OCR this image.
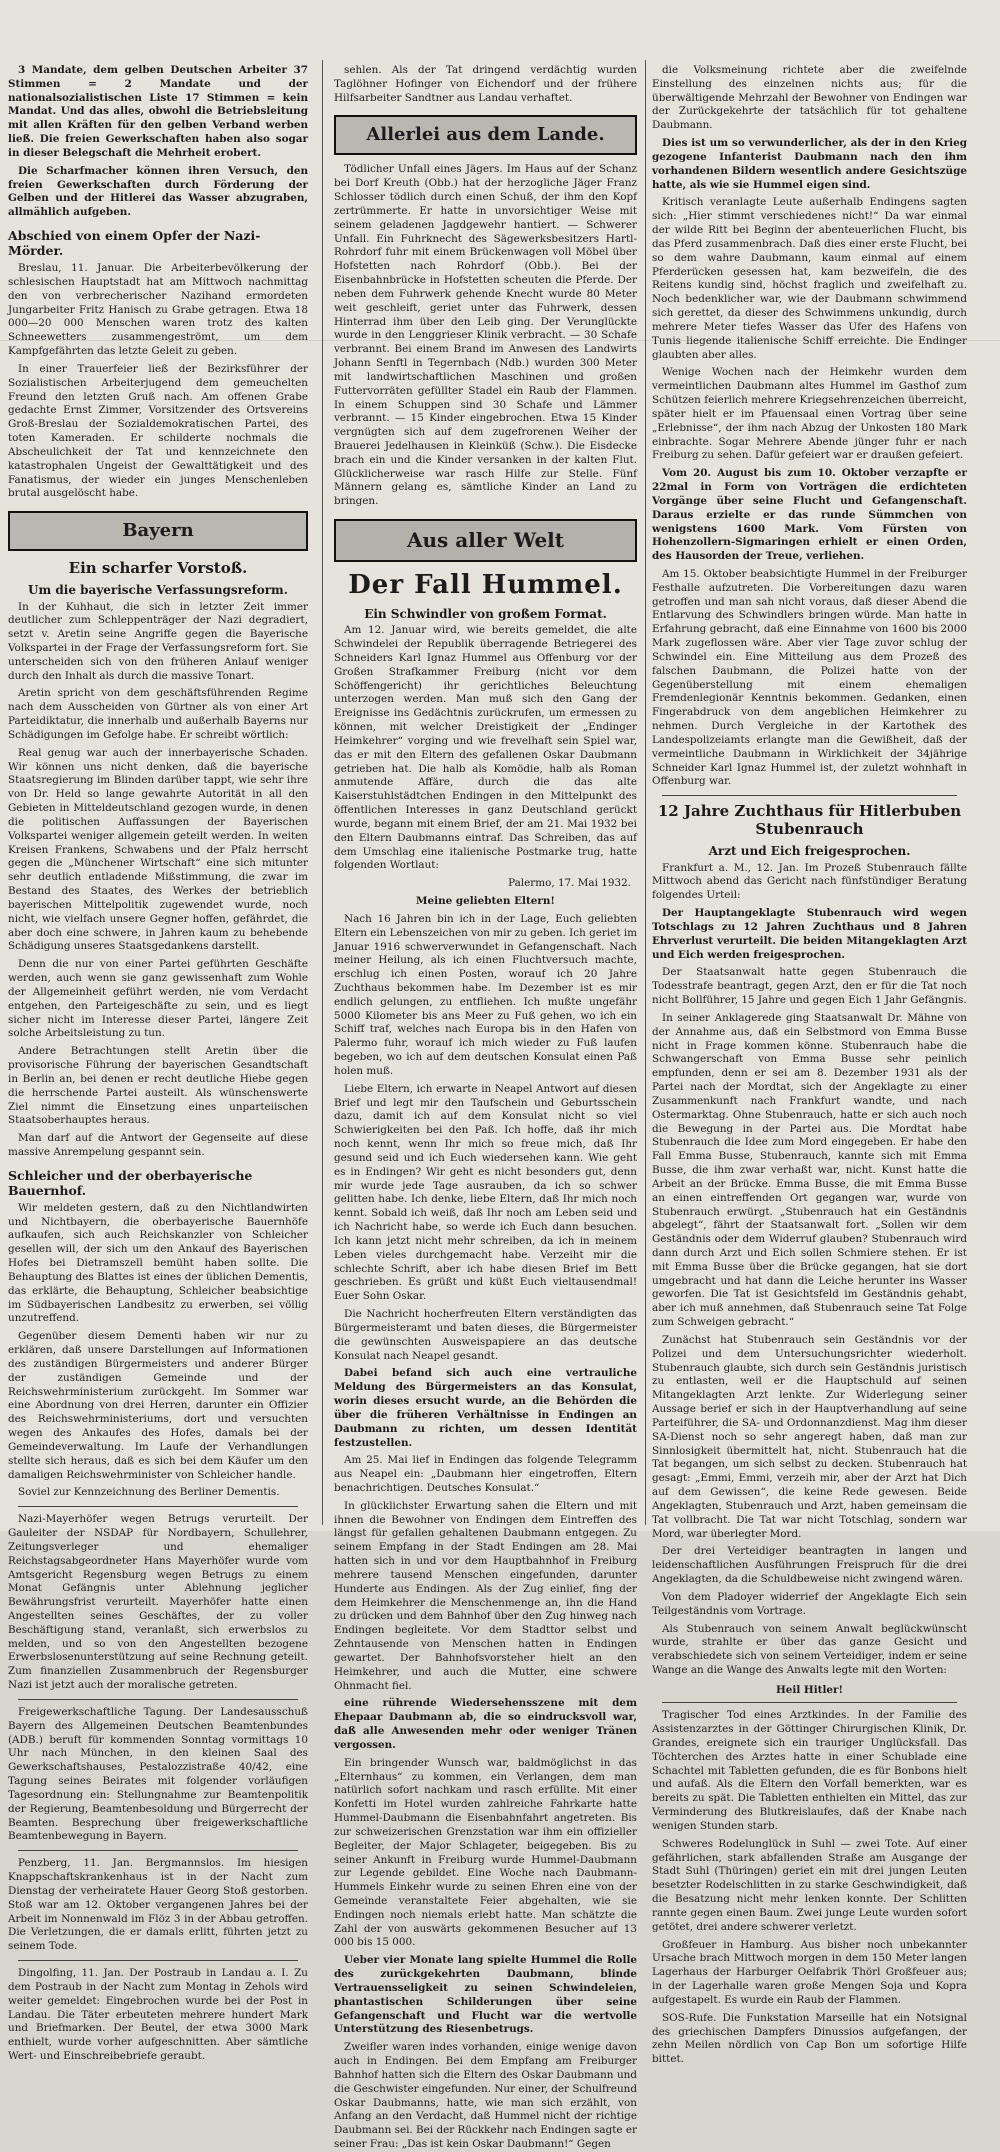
3 Mandate, dem gelben Deutschen Arbeiter 37 Stimmen = 2 Mandate und der nationalsozialistischen Liste 17 Stimmen = kein Mandat. Und das alles, obwohl die Betriebsleitung mit allen Kräften für den gelben Verband werben ließ. Die freien Gewerkschaften haben also sogar in dieser Belegschaft die Mehrheit erobert.

Die Scharfmacher können ihren Versuch, den freien Gewerkschaften durch Förderung der Gelben und der Hitlerei das Wasser abzugraben, allmählich aufgeben.

Abschied von einem Opfer der Nazi-Mörder.

Breslau, 11. Januar. Die Arbeiterbevölkerung der schlesischen Hauptstadt hat am Mittwoch nachmittag den von verbrecherischer Nazihand ermordeten Jungarbeiter Fritz Hanisch zu Grabe getragen. Etwa 18 000—20 000 Menschen waren trotz des kalten Schneewetters zusammengeströmt, um dem Kampfgefährten das letzte Geleit zu geben.

In einer Trauerfeier ließ der Bezirksführer der Sozialistischen Arbeiterjugend dem gemeuchelten Freund den letzten Gruß nach. Am offenen Grabe gedachte Ernst Zimmer, Vorsitzender des Ortsvereins Groß-Breslau der Sozialdemokratischen Partei, des toten Kameraden. Er schilderte nochmals die Abscheulichkeit der Tat und kennzeichnete den katastrophalen Ungeist der Gewalttätigkeit und des Fanatismus, der wieder ein junges Menschenleben brutal ausgelöscht habe.

Bayern
Ein scharfer Vorstoß.
Um die bayerische Verfassungsreform.

In der Kuhhaut, die sich in letzter Zeit immer deutlicher zum Schleppenträger der Nazi degradiert, setzt v. Aretin seine Angriffe gegen die Bayerische Volkspartei in der Frage der Verfassungsreform fort. Sie unterscheiden sich von den früheren Anlauf weniger durch den Inhalt als durch die massive Tonart.

Aretin spricht von dem geschäftsführenden Regime nach dem Ausscheiden von Gürtner als von einer Art Parteidiktatur, die innerhalb und außerhalb Bayerns nur Schädigungen im Gefolge habe. Er schreibt wörtlich:

Real genug war auch der innerbayerische Schaden. Wir können uns nicht denken, daß die bayerische Staatsregierung im Blinden darüber tappt, wie sehr ihre von Dr. Held so lange gewahrte Autorität in all den Gebieten in Mitteldeutschland gezogen wurde, in denen die politischen Auffassungen der Bayerischen Volkspartei weniger allgemein geteilt werden. In weiten Kreisen Frankens, Schwabens und der Pfalz herrscht gegen die „Münchener Wirtschaft“ eine sich mitunter sehr deutlich entladende Mißstimmung, die zwar im Bestand des Staates, des Werkes der betrieblich bayerischen Mittelpolitik zugewendet wurde, noch nicht, wie vielfach unsere Gegner hoffen, gefährdet, die aber doch eine schwere, in Jahren kaum zu behebende Schädigung unseres Staatsgedankens darstellt.

Denn die nur von einer Partei geführten Geschäfte werden, auch wenn sie ganz gewissenhaft zum Wohle der Allgemeinheit geführt werden, nie vom Verdacht entgehen, den Parteigeschäfte zu sein, und es liegt sicher nicht im Interesse dieser Partei, längere Zeit solche Arbeitsleistung zu tun.

Andere Betrachtungen stellt Aretin über die provisorische Führung der bayerischen Gesandtschaft in Berlin an, bei denen er recht deutliche Hiebe gegen die herrschende Partei austeilt. Als wünschenswerte Ziel nimmt die Einsetzung eines unparteiischen Staatsoberhauptes heraus.

Man darf auf die Antwort der Gegenseite auf diese massive Anrempelung gespannt sein.

Schleicher und der oberbayerische Bauernhof.

Wir meldeten gestern, daß zu den Nichtlandwirten und Nichtbayern, die oberbayerische Bauernhöfe aufkaufen, sich auch Reichskanzler von Schleicher gesellen will, der sich um den Ankauf des Bayerischen Hofes bei Dietramszell bemüht haben sollte. Die Behauptung des Blattes ist eines der üblichen Dementis, das erklärte, die Behauptung, Schleicher beabsichtige im Südbayerischen Landbesitz zu erwerben, sei völlig unzutreffend.

Gegenüber diesem Dementi haben wir nur zu erklären, daß unsere Darstellungen auf Informationen des zuständigen Bürgermeisters und anderer Bürger der zuständigen Gemeinde und der Reichswehrministerium zurückgeht. Im Sommer war eine Abordnung von drei Herren, darunter ein Offizier des Reichswehrministeriums, dort und versuchten wegen des Ankaufes des Hofes, damals bei der Gemeindeverwaltung. Im Laufe der Verhandlungen stellte sich heraus, daß es sich bei dem Käufer um den damaligen Reichswehrminister von Schleicher handle.

Soviel zur Kennzeichnung des Berliner Dementis.

Nazi-Mayerhöfer wegen Betrugs verurteilt. Der Gauleiter der NSDAP für Nordbayern, Schullehrer, Zeitungsverleger und ehemaliger Reichstagsabgeordneter Hans Mayerhöfer wurde vom Amtsgericht Regensburg wegen Betrugs zu einem Monat Gefängnis unter Ablehnung jeglicher Bewährungsfrist verurteilt. Mayerhöfer hatte einen Angestellten seines Geschäftes, der zu voller Beschäftigung stand, veranlaßt, sich erwerbslos zu melden, und so von den Angestellten bezogene Erwerbslosenunterstützung auf seine Rechnung geteilt. Zum finanziellen Zusammenbruch der Regensburger Nazi ist jetzt auch der moralische getreten.

Freigewerkschaftliche Tagung. Der Landesausschuß Bayern des Allgemeinen Deutschen Beamtenbundes (ADB.) beruft für kommenden Sonntag vormittags 10 Uhr nach München, in den kleinen Saal des Gewerkschaftshauses, Pestalozzistraße 40/42, eine Tagung seines Beirates mit folgender vorläufigen Tagesordnung ein: Stellungnahme zur Beamtenpolitik der Regierung, Beamtenbesoldung und Bürgerrecht der Beamten. Besprechung über freigewerkschaftliche Beamtenbewegung in Bayern.

Penzberg, 11. Jan. Bergmannslos. Im hiesigen Knappschaftskrankenhaus ist in der Nacht zum Dienstag der verheiratete Hauer Georg Stoß gestorben. Stoß war am 12. Oktober vergangenen Jahres bei der Arbeit im Nonnenwald im Flöz 3 in der Abbau getroffen. Die Verletzungen, die er damals erlitt, führten jetzt zu seinem Tode.

Dingolfing, 11. Jan. Der Postraub in Landau a. I. Zu dem Postraub in der Nacht zum Montag in Zehols wird weiter gemeldet: Eingebrochen wurde bei der Post in Landau. Die Täter erbeuteten mehrere hundert Mark und Briefmarken. Der Beutel, der etwa 3000 Mark enthielt, wurde vorher aufgeschnitten. Aber sämtliche Wert- und Einschreibebriefe geraubt.

sehlen. Als der Tat dringend verdächtig wurden Taglöhner Hofinger von Eichendorf und der frühere Hilfsarbeiter Sandtner aus Landau verhaftet.

Allerlei aus dem Lande.

Tödlicher Unfall eines Jägers. Im Haus auf der Schanz bei Dorf Kreuth (Obb.) hat der herzogliche Jäger Franz Schlosser tödlich durch einen Schuß, der ihm den Kopf zertrümmerte. Er hatte in unvorsichtiger Weise mit seinem geladenen Jagdgewehr hantiert. — Schwerer Unfall. Ein Fuhrknecht des Sägewerksbesitzers Hartl-Rohrdorf fuhr mit einem Brückenwagen voll Möbel über Hofstetten nach Rohrdorf (Obb.). Bei der Eisenbahnbrücke in Hofstetten scheuten die Pferde. Der neben dem Fuhrwerk gehende Knecht wurde 80 Meter weit geschleift, geriet unter das Fuhrwerk, dessen Hinterrad ihm über den Leib ging. Der Verunglückte wurde in den Lenggrieser Klinik verbracht. — 30 Schafe verbrannt. Bei einem Brand im Anwesen des Landwirts Johann Senftl in Tegernbach (Ndb.) wurden 300 Meter mit landwirtschaftlichen Maschinen und großen Futtervorräten gefüllter Stadel ein Raub der Flammen. In einem Schuppen sind 30 Schafe und Lämmer verbrannt. — 15 Kinder eingebrochen. Etwa 15 Kinder vergnügten sich auf dem zugefrorenen Weiher der Brauerei Jedelhausen in Kleinküß (Schw.). Die Eisdecke brach ein und die Kinder versanken in der kalten Flut. Glücklicherweise war rasch Hilfe zur Stelle. Fünf Männern gelang es, sämtliche Kinder an Land zu bringen.

Aus aller Welt
Der Fall Hummel.
Ein Schwindler von großem Format.

Am 12. Januar wird, wie bereits gemeldet, die alte Schwindelei der Republik überragende Betriegerei des Schneiders Karl Ignaz Hummel aus Offenburg vor der Großen Strafkammer Freiburg (nicht vor dem Schöffengericht) ihr gerichtliches Beleuchtung unterzogen werden. Man muß sich den Gang der Ereignisse ins Gedächtnis zurückrufen, um ermessen zu können, mit welcher Dreistigkeit der „Endinger Heimkehrer“ vorging und wie frevelhaft sein Spiel war, das er mit den Eltern des gefallenen Oskar Daubmann getrieben hat. Die halb als Komödie, halb als Roman anmutende Affäre, durch die das alte Kaiserstuhlstädtchen Endingen in den Mittelpunkt des öffentlichen Interesses in ganz Deutschland gerückt wurde, begann mit einem Brief, der am 21. Mai 1932 bei den Eltern Daubmanns eintraf. Das Schreiben, das auf dem Umschlag eine italienische Postmarke trug, hatte folgenden Wortlaut:

Palermo, 17. Mai 1932.
Meine geliebten Eltern!

Nach 16 Jahren bin ich in der Lage, Euch geliebten Eltern ein Lebenszeichen von mir zu geben. Ich geriet im Januar 1916 schwerverwundet in Gefangenschaft. Nach meiner Heilung, als ich einen Fluchtversuch machte, erschlug ich einen Posten, worauf ich 20 Jahre Zuchthaus bekommen habe. Im Dezember ist es mir endlich gelungen, zu entfliehen. Ich mußte ungefähr 5000 Kilometer bis ans Meer zu Fuß gehen, wo ich ein Schiff traf, welches nach Europa bis in den Hafen von Palermo fuhr, worauf ich mich wieder zu Fuß laufen begeben, wo ich auf dem deutschen Konsulat einen Paß holen muß.

Liebe Eltern, ich erwarte in Neapel Antwort auf diesen Brief und legt mir den Taufschein und Geburtsschein dazu, damit ich auf dem Konsulat nicht so viel Schwierigkeiten bei den Paß. Ich hoffe, daß ihr mich noch kennt, wenn Ihr mich so freue mich, daß Ihr gesund seid und ich Euch wiedersehen kann. Wie geht es in Endingen? Wir geht es nicht besonders gut, denn mir wurde jede Tage ausrauben, da ich so schwer gelitten habe. Ich denke, liebe Eltern, daß Ihr mich noch kennt. Sobald ich weiß, daß Ihr noch am Leben seid und ich Nachricht habe, so werde ich Euch dann besuchen. Ich kann jetzt nicht mehr schreiben, da ich in meinem Leben vieles durchgemacht habe. Verzeiht mir die schlechte Schrift, aber ich habe diesen Brief im Bett geschrieben. Es grüßt und küßt Euch vieltausendmal! Euer Sohn Oskar.

Die Nachricht hocherfreuten Eltern verständigten das Bürgermeisteramt und baten dieses, die Bürgermeister die gewünschten Ausweispapiere an das deutsche Konsulat nach Neapel gesandt.

Dabei befand sich auch eine vertrauliche Meldung des Bürgermeisters an das Konsulat, worin dieses ersucht wurde, an die Behörden die über die früheren Verhältnisse in Endingen an Daubmann zu richten, um dessen Identität festzustellen.

Am 25. Mai lief in Endingen das folgende Telegramm aus Neapel ein: „Daubmann hier eingetroffen, Eltern benachrichtigen. Deutsches Konsulat.“

In glücklichster Erwartung sahen die Eltern und mit ihnen die Bewohner von Endingen dem Eintreffen des längst für gefallen gehaltenen Daubmann entgegen. Zu seinem Empfang in der Stadt Endingen am 28. Mai hatten sich in und vor dem Hauptbahnhof in Freiburg mehrere tausend Menschen eingefunden, darunter Hunderte aus Endingen. Als der Zug einlief, fing der dem Heimkehrer die Menschenmenge an, ihn die Hand zu drücken und dem Bahnhof über den Zug hinweg nach Endingen begleitete. Vor dem Stadttor selbst und Zehntausende von Menschen hatten in Endingen gewartet. Der Bahnhofsvorsteher hielt an den Heimkehrer, und auch die Mutter, eine schwere Ohnmacht fiel.

eine rührende Wiedersehensszene mit dem Ehepaar Daubmann ab, die so eindrucksvoll war, daß alle Anwesenden mehr oder weniger Tränen vergossen.

Ein bringender Wunsch war, baldmöglichst in das „Elternhaus“ zu kommen, ein Verlangen, dem man natürlich sofort nachkam und rasch erfüllte. Mit einer Konfetti im Hotel wurden zahlreiche Fahrkarte hatte Hummel-Daubmann die Eisenbahnfahrt angetreten. Bis zur schweizerischen Grenzstation war ihm ein offizieller Begleiter, der Major Schlageter, beigegeben. Bis zu seiner Ankunft in Freiburg wurde Hummel-Daubmann zur Legende gebildet. Eine Woche nach Daubmann-Hummels Einkehr wurde zu seinen Ehren eine von der Gemeinde veranstaltete Feier abgehalten, wie sie Endingen noch niemals erlebt hatte. Man schätzte die Zahl der von auswärts gekommenen Besucher auf 13 000 bis 15 000.

Ueber vier Monate lang spielte Hummel die Rolle des zurückgekehrten Daubmann, blinde Vertrauensseligkeit zu seinen Schwindeleien, phantastischen Schilderungen über seine Gefangenschaft und Flucht war die wertvolle Unterstützung des Riesenbetrugs.

Zweifler waren indes vorhanden, einige wenige davon auch in Endingen. Bei dem Empfang am Freiburger Bahnhof hatten sich die Eltern des Oskar Daubmann und die Geschwister eingefunden. Nur einer, der Schulfreund Oskar Daubmanns, hatte, wie man sich erzählt, von Anfang an den Verdacht, daß Hummel nicht der richtige Daubmann sei. Bei der Rückkehr nach Endingen sagte er seiner Frau: „Das ist kein Oskar Daubmann!“ Gegen

die Volksmeinung richtete aber die zweifelnde Einstellung des einzelnen nichts aus; für die überwältigende Mehrzahl der Bewohner von Endingen war der Zurückgekehrte der tatsächlich für tot gehaltene Daubmann.

Dies ist um so verwunderlicher, als der in den Krieg gezogene Infanterist Daubmann nach den ihm vorhandenen Bildern wesentlich andere Gesichtszüge hatte, als wie sie Hummel eigen sind.

Kritisch veranlagte Leute außerhalb Endingens sagten sich: „Hier stimmt verschiedenes nicht!“ Da war einmal der wilde Ritt bei Beginn der abenteuerlichen Flucht, bis das Pferd zusammenbrach. Daß dies einer erste Flucht, bei so dem wahre Daubmann, kaum einmal auf einem Pferderücken gesessen hat, kam bezweifeln, die des Reitens kundig sind, höchst fraglich und zweifelhaft zu. Noch bedenklicher war, wie der Daubmann schwimmend sich gerettet, da dieser des Schwimmens unkundig, durch mehrere Meter tiefes Wasser das Ufer des Hafens von Tunis liegende italienische Schiff erreichte. Die Endinger glaubten aber alles.

Wenige Wochen nach der Heimkehr wurden dem vermeintlichen Daubmann altes Hummel im Gasthof zum Schützen feierlich mehrere Kriegsehrenzeichen überreicht, später hielt er im Pfauensaal einen Vortrag über seine „Erlebnisse“, der ihm nach Abzug der Unkosten 180 Mark einbrachte. Sogar Mehrere Abende jünger fuhr er nach Freiburg zu sehen. Dafür gefeiert war er draußen gefeiert.

Vom 20. August bis zum 10. Oktober verzapfte er 22mal in Form von Vorträgen die erdichteten Vorgänge über seine Flucht und Gefangenschaft. Daraus erzielte er das runde Sümmchen von wenigstens 1600 Mark. Vom Fürsten von Hohenzollern-Sigmaringen erhielt er einen Orden, des Hausorden der Treue, verliehen.

Am 15. Oktober beabsichtigte Hummel in der Freiburger Festhalle aufzutreten. Die Vorbereitungen dazu waren getroffen und man sah nicht voraus, daß dieser Abend die Entlarvung des Schwindlers bringen würde. Man hatte in Erfahrung gebracht, daß eine Einnahme von 1600 bis 2000 Mark zugeflossen wäre. Aber vier Tage zuvor schlug der Schwindel ein. Eine Mitteilung aus dem Prozeß des falschen Daubmann, die Polizei hatte von der Gegenüberstellung mit einem ehemaligen Fremdenlegionär Kenntnis bekommen. Gedanken, einen Fingerabdruck von dem angeblichen Heimkehrer zu nehmen. Durch Vergleiche in der Kartothek des Landespolizeiamts erlangte man die Gewißheit, daß der vermeintliche Daubmann in Wirklichkeit der 34jährige Schneider Karl Ignaz Hummel ist, der zuletzt wohnhaft in Offenburg war.

12 Jahre Zuchthaus für Hitlerbuben Stubenrauch
Arzt und Eich freigesprochen.

Frankfurt a. M., 12. Jan. Im Prozeß Stubenrauch fällte Mittwoch abend das Gericht nach fünfstündiger Beratung folgendes Urteil:

Der Hauptangeklagte Stubenrauch wird wegen Totschlags zu 12 Jahren Zuchthaus und 8 Jahren Ehrverlust verurteilt. Die beiden Mitangeklagten Arzt und Eich werden freigesprochen.

Der Staatsanwalt hatte gegen Stubenrauch die Todesstrafe beantragt, gegen Arzt, den er für die Tat noch nicht Bollführer, 15 Jahre und gegen Eich 1 Jahr Gefängnis.

In seiner Anklagerede ging Staatsanwalt Dr. Mähne von der Annahme aus, daß ein Selbstmord von Emma Busse nicht in Frage kommen könne. Stubenrauch habe die Schwangerschaft von Emma Busse sehr peinlich empfunden, denn er sei am 8. Dezember 1931 als der Partei nach der Mordtat, sich der Angeklagte zu einer Zusammenkunft nach Frankfurt wandte, und nach Ostermarktag. Ohne Stubenrauch, hatte er sich auch noch die Bewegung in der Partei aus. Die Mordtat habe Stubenrauch die Idee zum Mord eingegeben. Er habe den Fall Emma Busse, Stubenrauch, kannte sich mit Emma Busse, die ihm zwar verhaßt war, nicht. Kunst hatte die Arbeit an der Brücke. Emma Busse, die mit Emma Busse an einen eintreffenden Ort gegangen war, wurde von Stubenrauch erwürgt. „Stubenrauch hat ein Geständnis abgelegt“, fährt der Staatsanwalt fort. „Sollen wir dem Geständnis oder dem Widerruf glauben? Stubenrauch wird dann durch Arzt und Eich sollen Schmiere stehen. Er ist mit Emma Busse über die Brücke gegangen, hat sie dort umgebracht und hat dann die Leiche herunter ins Wasser geworfen. Die Tat ist Gesichtsfeld im Geständnis gehabt, aber ich muß annehmen, daß Stubenrauch seine Tat Folge zum Schweigen gebracht.“

Zunächst hat Stubenrauch sein Geständnis vor der Polizei und dem Untersuchungsrichter wiederholt. Stubenrauch glaubte, sich durch sein Geständnis juristisch zu entlasten, weil er die Hauptschuld auf seinen Mitangeklagten Arzt lenkte. Zur Widerlegung seiner Aussage berief er sich in der Hauptverhandlung auf seine Parteiführer, die SA- und Ordonnanzdienst. Mag ihm dieser SA-Dienst noch so sehr angeregt haben, daß man zur Sinnlosigkeit übermittelt hat, nicht. Stubenrauch hat die Tat begangen, um sich selbst zu decken. Stubenrauch hat gesagt: „Emmi, Emmi, verzeih mir, aber der Arzt hat Dich auf dem Gewissen“, die keine Rede gewesen. Beide Angeklagten, Stubenrauch und Arzt, haben gemeinsam die Tat vollbracht. Die Tat war nicht Totschlag, sondern war Mord, war überlegter Mord.

Der drei Verteidiger beantragten in langen und leidenschaftlichen Ausführungen Freispruch für die drei Angeklagten, da die Schuldbeweise nicht zwingend wären.

Von dem Pladoyer widerrief der Angeklagte Eich sein Teilgeständnis vom Vortrage.

Als Stubenrauch von seinem Anwalt beglückwünscht wurde, strahlte er über das ganze Gesicht und verabschiedete sich von seinem Verteidiger, indem er seine Wange an die Wange des Anwalts legte mit den Worten:

Heil Hitler!

Tragischer Tod eines Arztkindes. In der Familie des Assistenzarztes in der Göttinger Chirurgischen Klinik, Dr. Grandes, ereignete sich ein trauriger Unglücksfall. Das Töchterchen des Arztes hatte in einer Schublade eine Schachtel mit Tabletten gefunden, die es für Bonbons hielt und aufaß. Als die Eltern den Vorfall bemerkten, war es bereits zu spät. Die Tabletten enthielten ein Mittel, das zur Verminderung des Blutkreislaufes, daß der Knabe nach wenigen Stunden starb.

Schweres Rodelunglück in Suhl — zwei Tote. Auf einer gefährlichen, stark abfallenden Straße am Ausgange der Stadt Suhl (Thüringen) geriet ein mit drei jungen Leuten besetzter Rodelschlitten in zu starke Geschwindigkeit, daß die Besatzung nicht mehr lenken konnte. Der Schlitten rannte gegen einen Baum. Zwei junge Leute wurden sofort getötet, drei andere schwerer verletzt.

Großfeuer in Hamburg. Aus bisher noch unbekannter Ursache brach Mittwoch morgen in dem 150 Meter langen Lagerhaus der Harburger Oelfabrik Thörl Großfeuer aus; in der Lagerhalle waren große Mengen Soja und Kopra aufgestapelt. Es wurde ein Raub der Flammen.

SOS-Rufe. Die Funkstation Marseille hat ein Notsignal des griechischen Dampfers Dinussios aufgefangen, der zehn Meilen nördlich von Cap Bon um sofortige Hilfe bittet.
